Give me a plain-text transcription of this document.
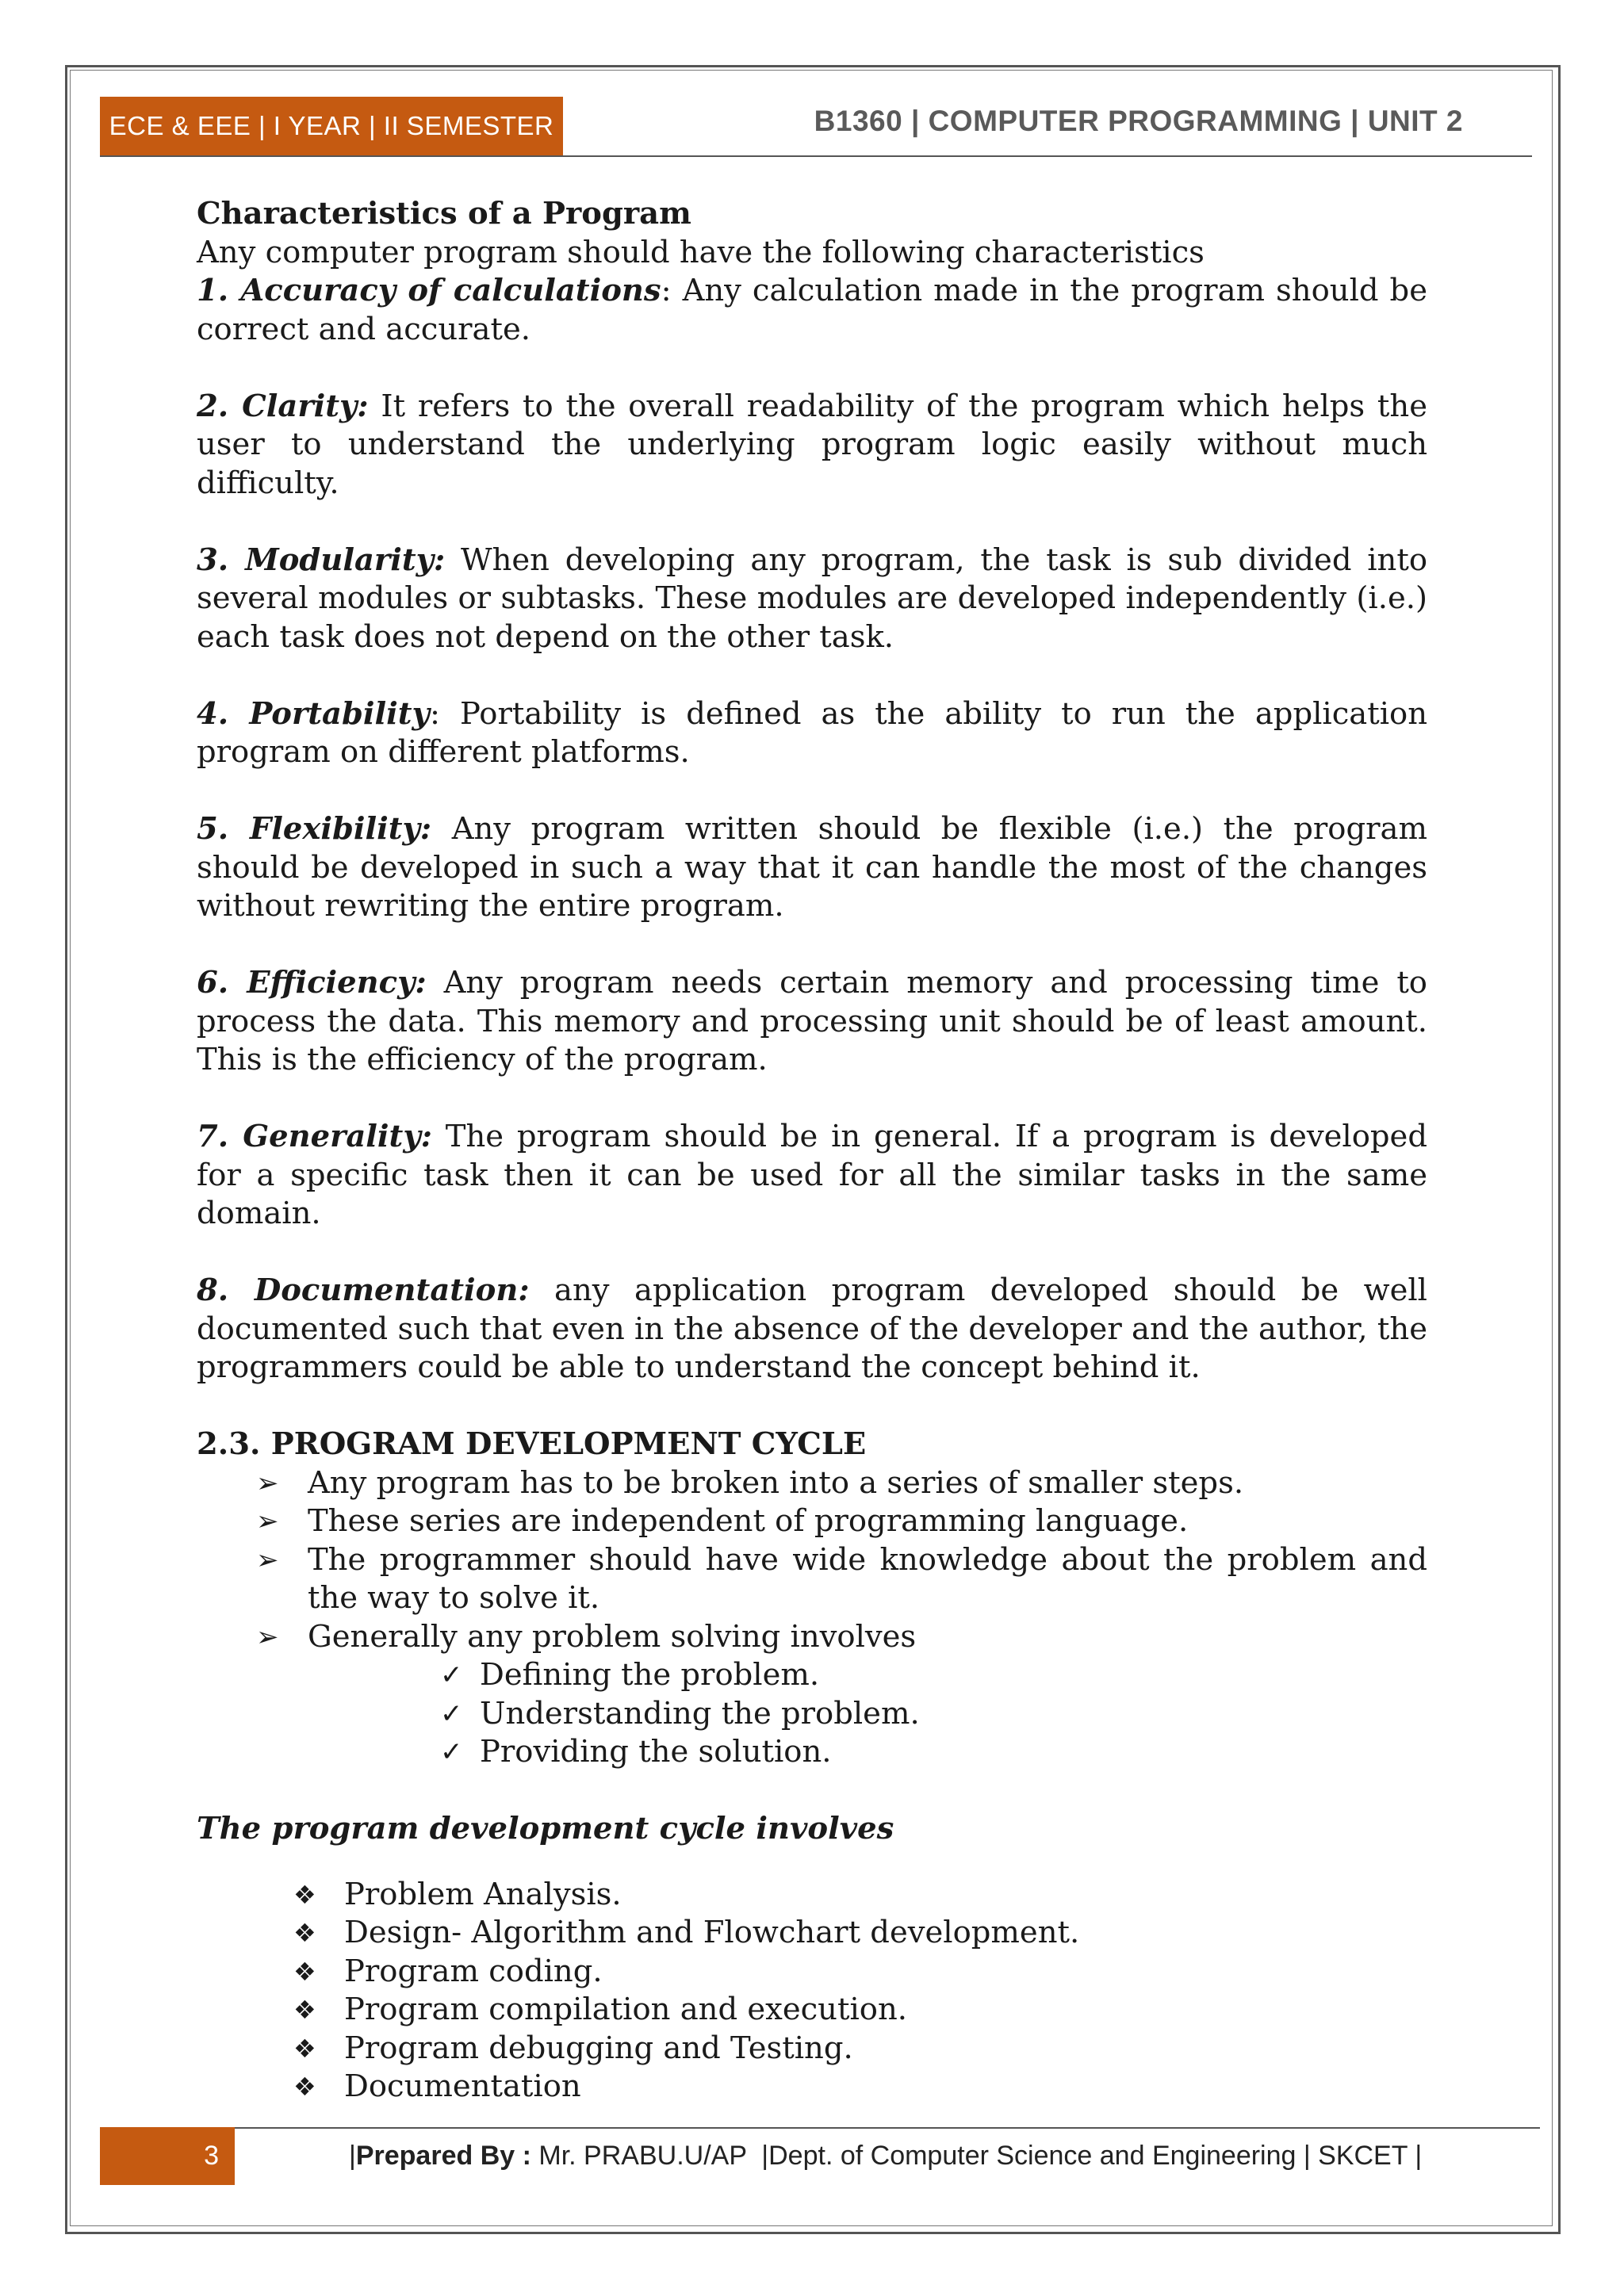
ECE & EEE | I YEAR | II SEMESTER	B1360 | COMPUTER PROGRAMMING | UNIT 2

Characteristics of a Program

Any computer program should have the following characteristics

1. Accuracy of calculations: Any calculation made in the program should be correct and accurate.

2. Clarity: It refers to the overall readability of the program which helps the user to understand the underlying program logic easily without much difficulty.

3. Modularity: When developing any program, the task is sub divided into several modules or subtasks. These modules are developed independently (i.e.) each task does not depend on the other task.

4. Portability: Portability is defined as the ability to run the application program on different platforms.

5. Flexibility: Any program written should be flexible (i.e.) the program should be developed in such a way that it can handle the most of the changes without rewriting the entire program.

6. Efficiency: Any program needs certain memory and processing time to process the data. This memory and processing unit should be of least amount. This is the efficiency of the program.

7. Generality: The program should be in general. If a program is developed for a specific task then it can be used for all the similar tasks in the same domain.

8. Documentation: any application program developed should be well documented such that even in the absence of the developer and the author, the programmers could be able to understand the concept behind it.

2.3. PROGRAM DEVELOPMENT CYCLE

➢ Any program has to be broken into a series of smaller steps.
➢ These series are independent of programming language.
➢ The programmer should have wide knowledge about the problem and the way to solve it.
➢ Generally any problem solving involves
✓ Defining the problem.
✓ Understanding the problem.
✓ Providing the solution.

The program development cycle involves

❖ Problem Analysis.
❖ Design- Algorithm and Flowchart development.
❖ Program coding.
❖ Program compilation and execution.
❖ Program debugging and Testing.
❖ Documentation
3	|Prepared By : Mr. PRABU.U/AP |Dept. of Computer Science and Engineering | SKCET |
